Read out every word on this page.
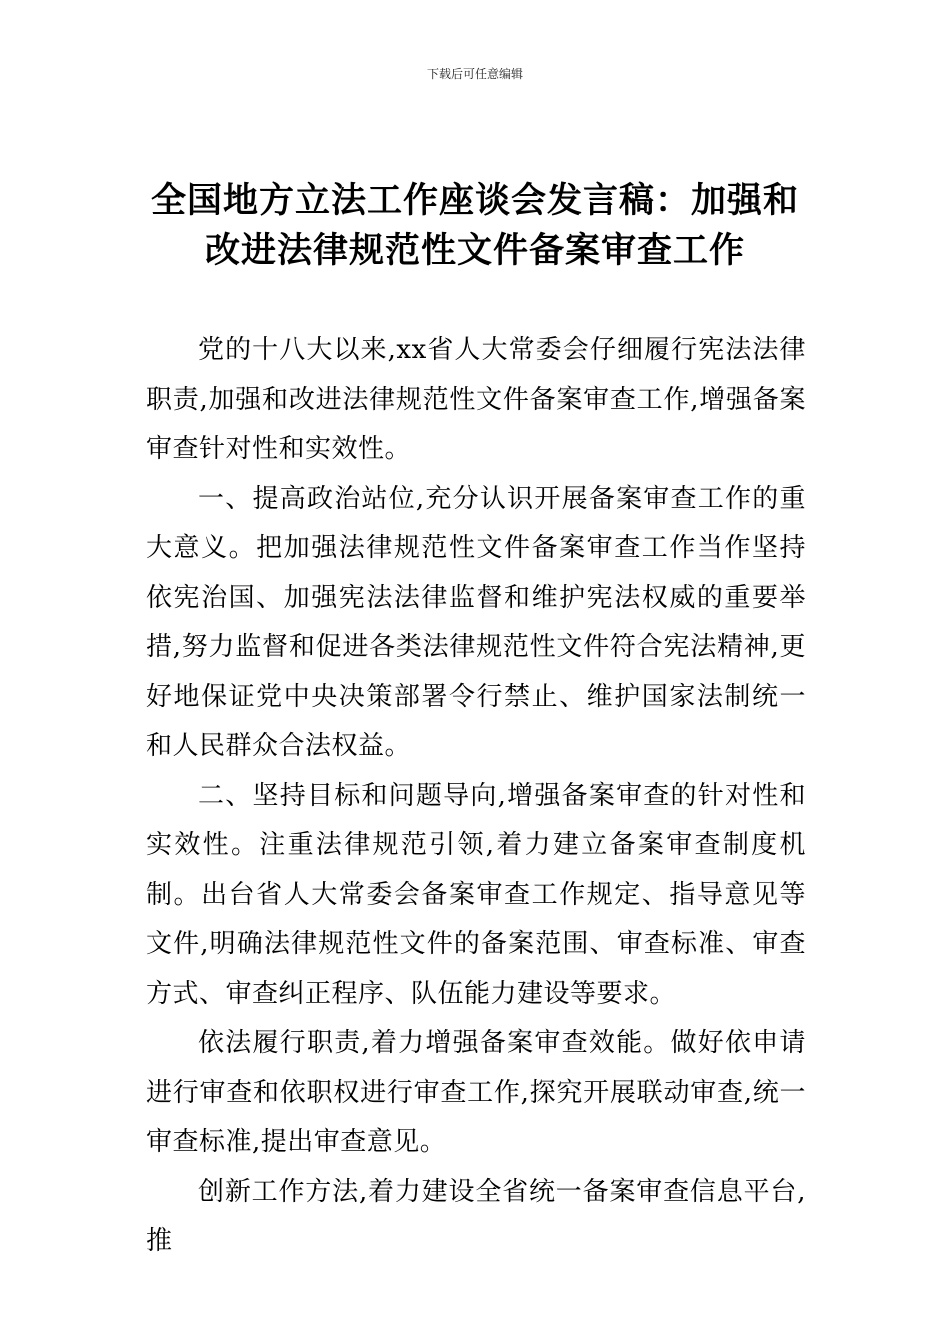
下载后可任意编辑
全国地方立法工作座谈会发言稿：加强和
改进法律规范性文件备案审查工作

党的十八大以来,xx省人大常委会仔细履行宪法法律职责,加强和改进法律规范性文件备案审查工作,增强备案审查针对性和实效性。

一、提高政治站位,充分认识开展备案审查工作的重大意义。把加强法律规范性文件备案审查工作当作坚持依宪治国、加强宪法法律监督和维护宪法权威的重要举措,努力监督和促进各类法律规范性文件符合宪法精神,更好地保证党中央决策部署令行禁止、维护国家法制统一和人民群众合法权益。

二、坚持目标和问题导向,增强备案审查的针对性和实效性。注重法律规范引领,着力建立备案审查制度机制。出台省人大常委会备案审查工作规定、指导意见等文件,明确法律规范性文件的备案范围、审查标准、审查方式、审查纠正程序、队伍能力建设等要求。

依法履行职责,着力增强备案审查效能。做好依申请进行审查和依职权进行审查工作,探究开展联动审查,统一审查标准,提出审查意见。

创新工作方法,着力建设全省统一备案审查信息平台,推
